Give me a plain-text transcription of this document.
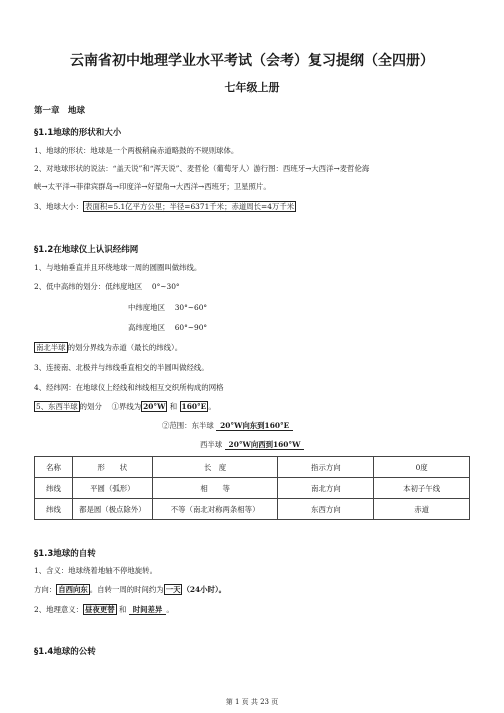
云南省初中地理学业水平考试（会考）复习提纲（全四册）
七年级上册
第一章　地球
§1.1地球的形状和大小
1、地球的形状：地球是一个两极稍扁赤道略鼓的不规则球体。
2、对地球形状的说法：“盖天说”和“浑天说”、麦哲伦（葡萄牙人）游行图：西班牙→大西洋→麦哲伦海
峡→太平洋→菲律宾群岛→印度洋→好望角→大西洋→西班牙；卫星照片。
3、地球大小： 表面积=5.1亿平方公里；半径=6371千米；赤道周长=4万千米
§1.2在地球仪上认识经纬网
1、与地轴垂直并且环绕地球一周的圆圈叫做纬线。
2、低中高纬的划分：低纬度地区　 0°~30°
中纬度地区　 30°~60°
高纬度地区　 60°~90°
南北半球 的划分界线为赤道（最长的纬线）。
3、连接南、北极并与纬线垂直相交的半圆叫做经线。
4、经纬网：在地球仪上经线和纬线相互交织所构成的网格
5、东西半球 的划分　 ①界线为 20°W 和 160°E 。
②范围：东半球 20°W向东到160°E
西半球 20°W向西到160°W
名称	形　　状	长　度	指示方向	0度
纬线	平圆（弧形）	相　　等	南北方向	本初子午线
纬线	都是圆（极点除外）	不等（南北对称两条相等）	东西方向	赤道
§1.3地球的自转
1、含义：地球绕着地轴不停地旋转。
方向： 自西向东 。自转一周的时间约为 一天 （24小时）。
2、地理意义： 昼夜更替 和 时间差异 。
§1.4地球的公转
第 1 页 共 23 页
